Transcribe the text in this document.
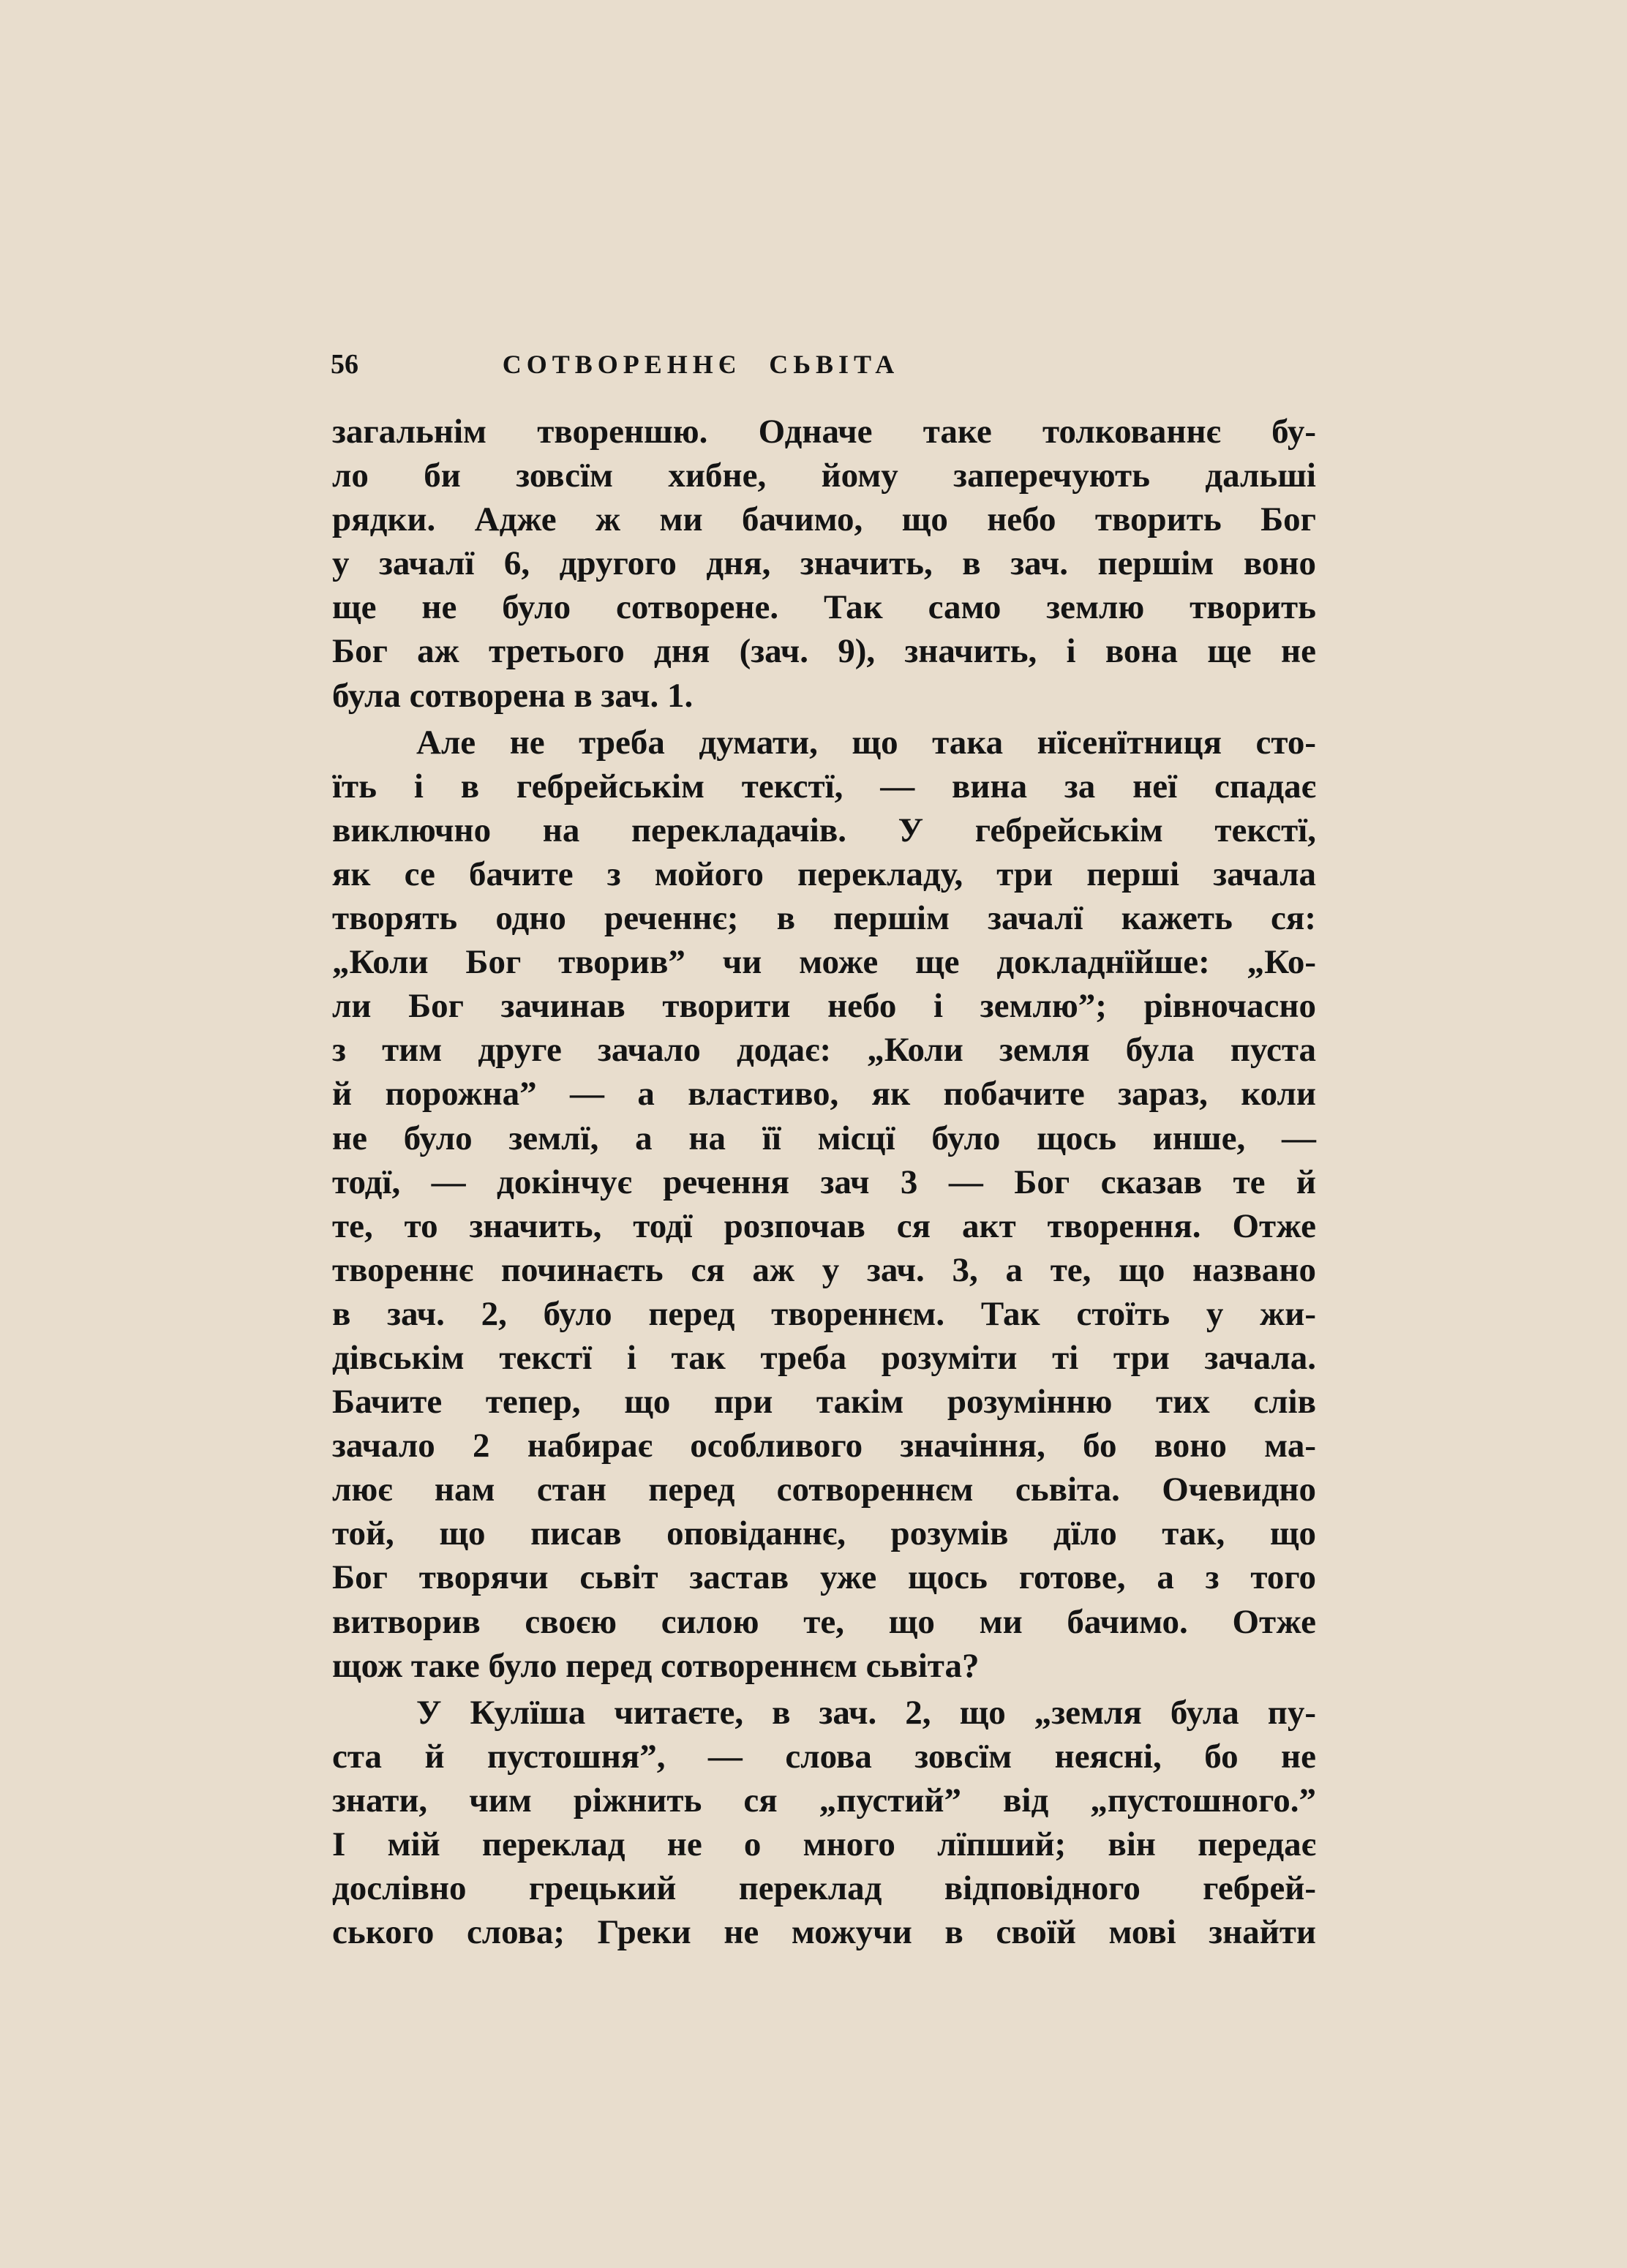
56	СОТВОРЕННЄ СЬВІТА
загальнім твореншю. Одначе таке толкованнє бу-
ло би зовсїм хибне, йому заперечують дальші
рядки. Адже ж ми бачимо, що небо творить Бог
у зачалї 6, другого дня, значить, в зач. першім воно
ще не було сотворене. Так само землю творить
Бог аж третього дня (зач. 9), значить, і вона ще не
була сотворена в зач. 1.
Але не треба думати, що така нїсенїтниця сто-
їть і в гебрейськім текстї, — вина за неї спадає
виключно на перекладачів. У гебрейськім текстї,
як се бачите з мойого перекладу, три перші зачала
творять одно реченнє; в першім зачалї кажеть ся:
„Коли Бог творив” чи може ще докладнїйше: „Ко-
ли Бог зачинав творити небо і землю”; рівночасно
з тим друге зачало додає: „Коли земля була пуста
й порожна” — а властиво, як побачите зараз, коли
не було землї, а на її місцї було щось инше, —
тодї, — докінчує речення зач 3 — Бог сказав те й
те, то значить, тодї розпочав ся акт творення. Отже
твореннє починаєть ся аж у зач. 3, а те, що названо
в зач. 2, було перед твореннєм. Так стоїть у жи-
дівськім текстї і так треба розуміти ті три зачала.
Бачите тепер, що при такім розумінню тих слів
зачало 2 набирає особливого значіння, бо воно ма-
лює нам стан перед сотвореннєм сьвіта. Очевидно
той, що писав оповіданнє, розумів дїло так, що
Бог творячи сьвіт застав уже щось готове, а з того
витворив своєю силою те, що ми бачимо. Отже
щож таке було перед сотвореннєм сьвіта?
У Кулїша читаєте, в зач. 2, що „земля була пу-
ста й пустошня”, — слова зовсїм неясні, бо не
знати, чим ріжнить ся „пустий” від „пустошного.”
І мій переклад не о много лїпший; він передає
дослівно грецький переклад відповідного гебрей-
ського слова; Греки не можучи в своїй мові знайти
